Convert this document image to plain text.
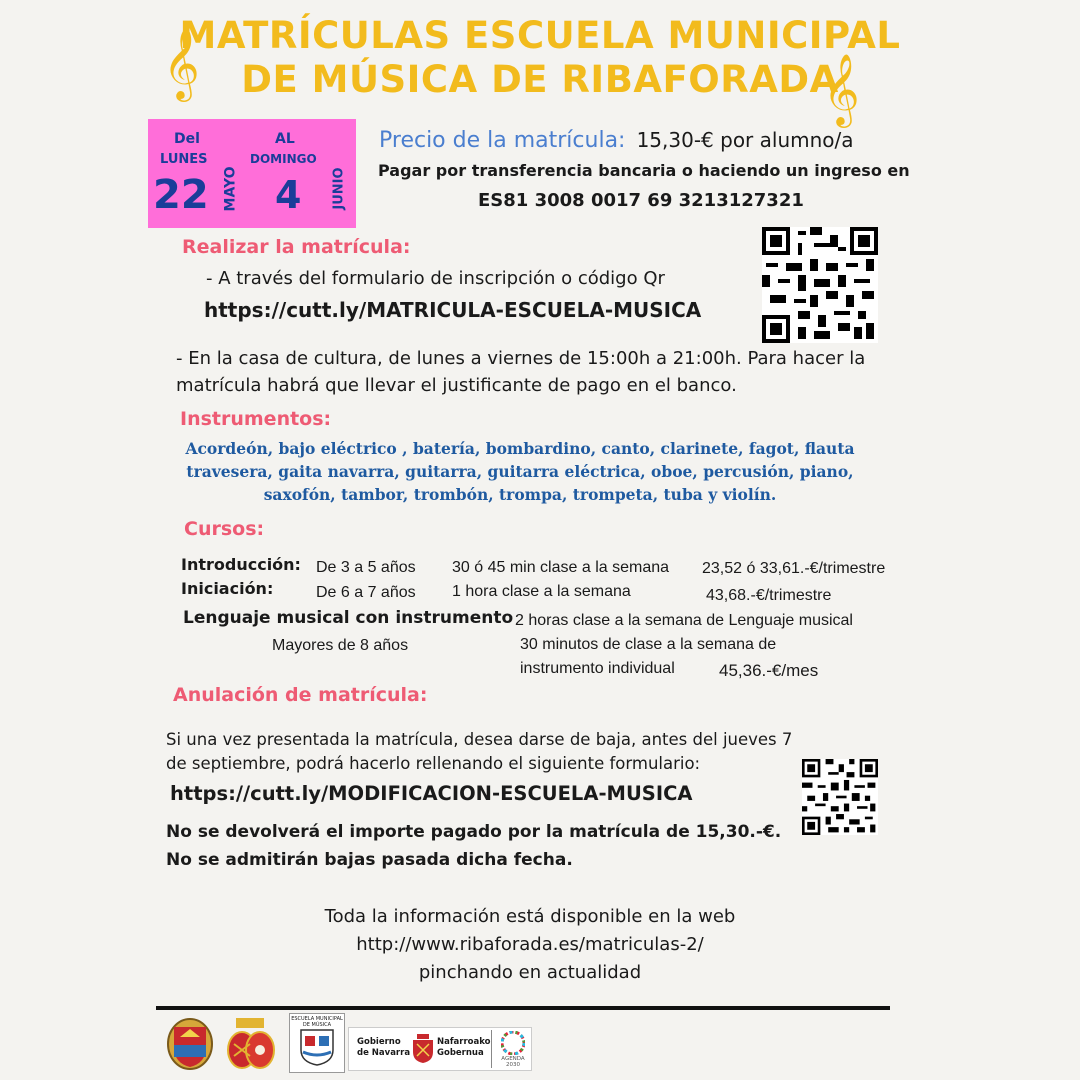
𝄞	𝄞
MATRÍCULAS ESCUELA MUNICIPAL
DE MÚSICA DE RIBAFORADA
Del
LUNES
22 MAYO
AL
DOMINGO
4 JUNIO
Precio de la matrícula: 15,30-€ por alumno/a
Pagar por transferencia bancaria o haciendo un ingreso en
ES81 3008 0017 69 3213127321
Realizar la matrícula:
- A través del formulario de inscripción o código Qr
https://cutt.ly/MATRICULA-ESCUELA-MUSICA
- En la casa de cultura, de lunes a viernes de 15:00h a 21:00h. Para hacer la
matrícula habrá que llevar el justificante de pago en el banco.
Instrumentos:
Acordeón, bajo eléctrico , batería, bombardino, canto, clarinete, fagot, flauta
travesera, gaita navarra, guitarra, guitarra eléctrica, oboe, percusión, piano,
saxofón, tambor, trombón, trompa, trompeta, tuba y violín.
Cursos:
Introducción: De 3 a 5 años 30 ó 45 min clase a la semana 23,52 ó 33,61.-€/trimestre
Iniciación:	De 6 a 7 años 1 hora clase a la semana	43,68.-€/trimestre
Lenguaje musical con instrumento 2 horas clase a la semana de Lenguaje musical
Mayores de 8 años	30 minutos de clase a la semana de
instrumento individual	45,36.-€/mes
Anulación de matrícula:
Si una vez presentada la matrícula, desea darse de baja, antes del jueves 7
de septiembre, podrá hacerlo rellenando el siguiente formulario:
https://cutt.ly/MODIFICACION-ESCUELA-MUSICA
No se devolverá el importe pagado por la matrícula de 15,30.-€.
No se admitirán bajas pasada dicha fecha.
Toda la información está disponible en la web
http://www.ribaforada.es/matriculas-2/
pinchando en actualidad
ESCUELA MUNICIPAL
DE MÚSICA
Gobierno
de Navarra
Nafarroako
Gobernua
AGENDA
2030
